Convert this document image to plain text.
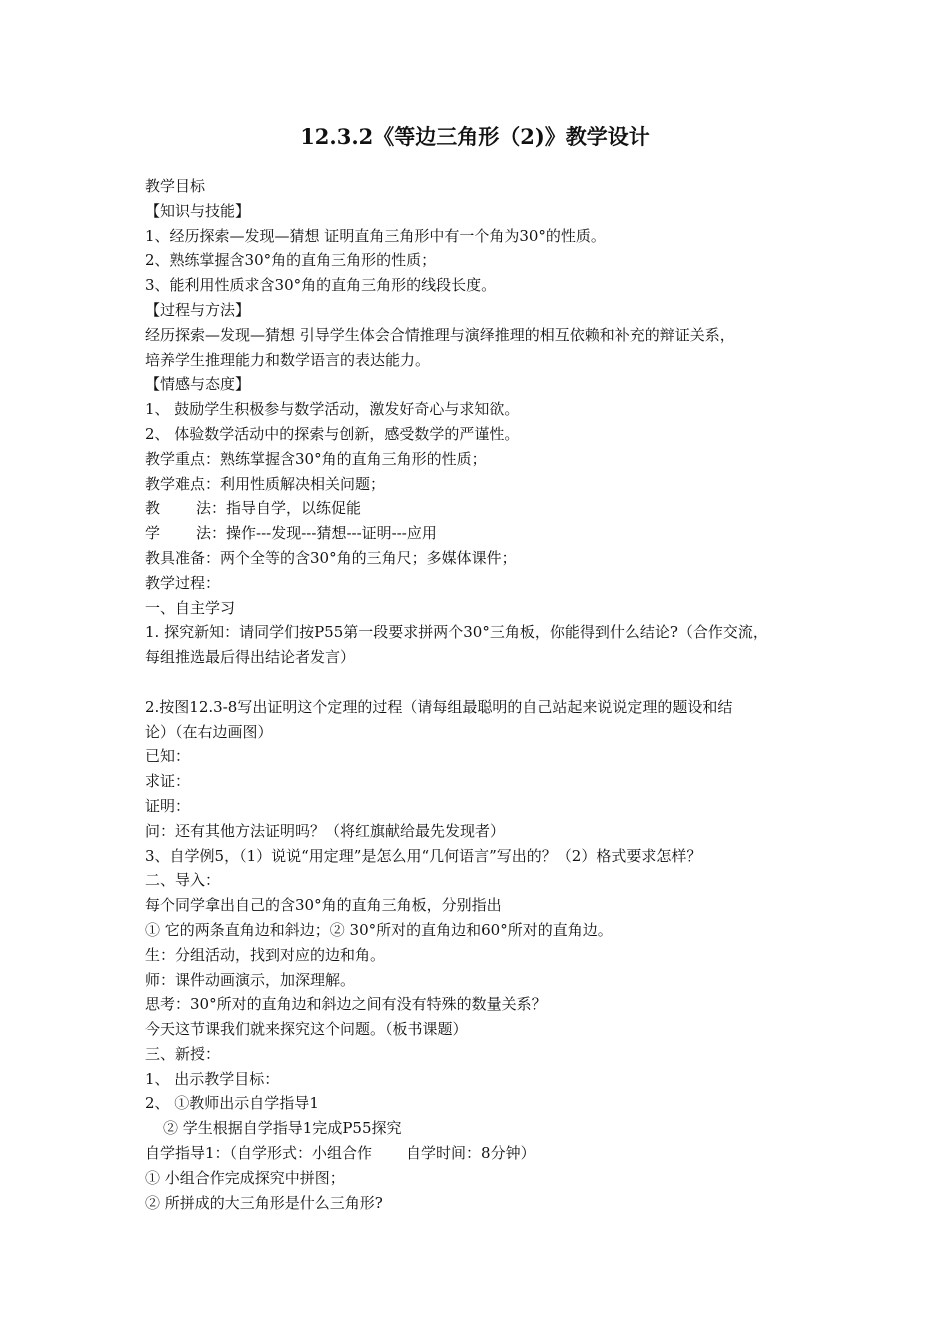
12.3.2《等边三角形（2)》教学设计
教学目标
【知识与技能】
1、经历探索—发现—猜想 证明直角三角形中有一个角为30°的性质。
2、熟练掌握含30°角的直角三角形的性质；
3、能利用性质求含30°角的直角三角形的线段长度。
【过程与方法】
经历探索—发现—猜想 引导学生体会合情推理与演绎推理的相互依赖和补充的辩证关系，
培养学生推理能力和数学语言的表达能力。
【情感与态度】
1、 鼓励学生积极参与数学活动，激发好奇心与求知欲。
2、 体验数学活动中的探索与创新，感受数学的严谨性。
教学重点：熟练掌握含30°角的直角三角形的性质；
教学难点：利用性质解决相关问题；
教 法：指导自学，以练促能
学 法：操作---发现---猜想---证明---应用
教具准备：两个全等的含30°角的三角尺；多媒体课件；
教学过程：
一、自主学习
1. 探究新知：请同学们按P55第一段要求拼两个30°三角板，你能得到什么结论?（合作交流，
每组推选最后得出结论者发言）
2.按图12.3-8写出证明这个定理的过程（请每组最聪明的自己站起来说说定理的题设和结
论）（在右边画图）
已知：
求证：
证明：
问：还有其他方法证明吗？（将红旗献给最先发现者）
3、自学例5，（1）说说“用定理”是怎么用“几何语言”写出的？（2）格式要求怎样？
二、导入：
每个同学拿出自己的含30°角的直角三角板，分别指出
① 它的两条直角边和斜边；② 30°所对的直角边和60°所对的直角边。
生：分组活动，找到对应的边和角。
师：课件动画演示，加深理解。
思考：30°所对的直角边和斜边之间有没有特殊的数量关系？
今天这节课我们就来探究这个问题。（板书课题）
三、新授：
1、 出示教学目标：
2、 ①教师出示自学指导1
② 学生根据自学指导1完成P55探究
自学指导1：（自学形式：小组合作 自学时间：8分钟）
① 小组合作完成探究中拼图；
② 所拼成的大三角形是什么三角形?
